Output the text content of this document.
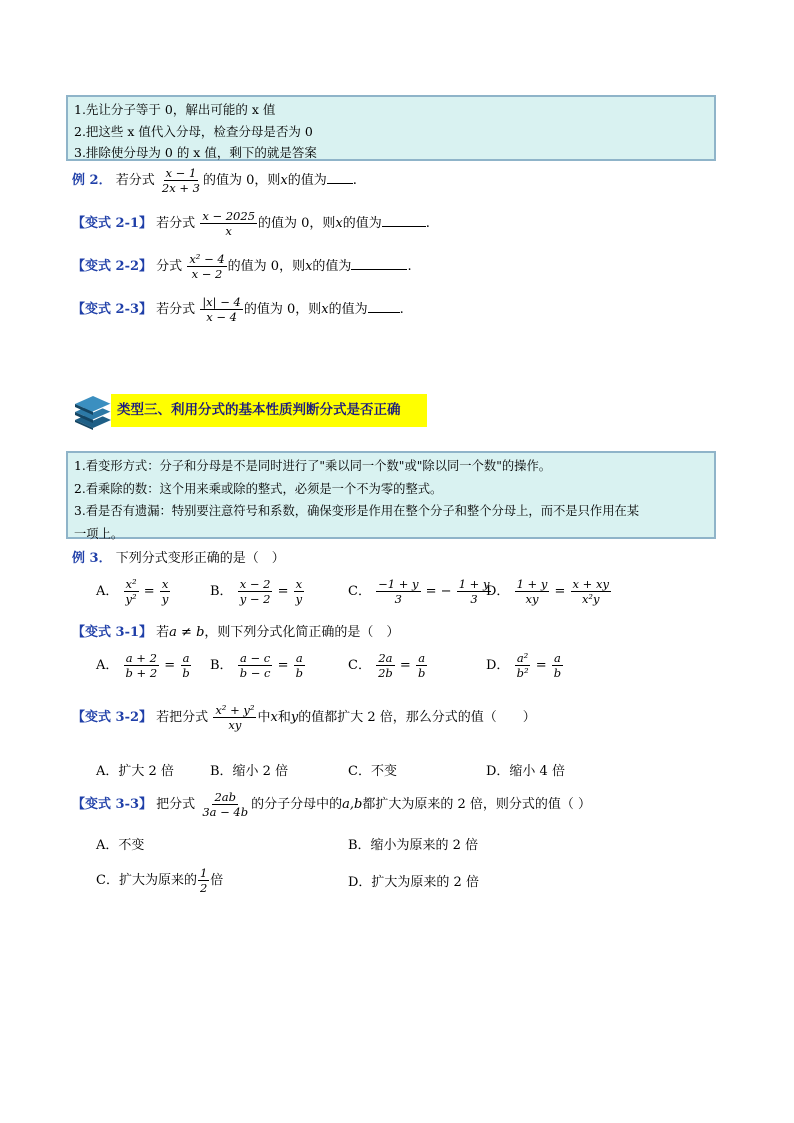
1.先让分子等于 0，解出可能的 x 值
2.把这些 x 值代入分母，检查分母是否为 0
3.排除使分母为 0 的 x 值，剩下的就是答案
例 2． 若分式 $\frac{x - 1}{2x + 3}$ 的值为 0，则x的值为 .
【变式 2-1】 若分式 $\frac{x - 2025}{x}$ 的值为 0，则x的值为	.
【变式 2-2】 分式 $\frac{\text{x² − 4}}{x - 2}$ 的值为 0，则x的值为	.
【变式 2-3】 若分式 $\frac{|x| - 4}{x - 4}$ 的值为 0，则x的值为 .
类型三、利用分式的基本性质判断分式是否正确
1.看变形方式：分子和分母是不是同时进行了"乘以同一个数"或"除以同一个数"的操作。
2.看乘除的数：这个用来乘或除的整式，必须是一个不为零的整式。
3.看是否有遗漏：特别要注意符号和系数，确保变形是作用在整个分子和整个分母上，而不是只作用在某
一项上。
例 3． 下列分式变形正确的是（　）
A． $\frac{\text{x²}}{\text{y²}} = \frac{x}{y}$	B． $\frac{x - 2}{y - 2} = \frac{x}{y}$	C． $\frac{-1 + y}{3}$ = − $\frac{1 + y}{3}$
D． $\frac{1 + y}{xy} = \frac{x + xy}{\text{x²y}}$
【变式 3-1】 若a ≠ b，则下列分式化简正确的是（　）
A． $\frac{a + 2}{b + 2} = \frac{a}{b}$ B． $\frac{a - c}{b - c} = \frac{a}{b}$	C． $\frac{2a}{2b} = \frac{a}{b}$	D． $\frac{\text{a²}}{\text{b²}} = \frac{a}{b}$
【变式 3-2】 若把分式 $\frac{\text{x² + y²}}{xy}$ 中x和y的值都扩大 2 倍，那么分式的值（　　）
A．扩大 2 倍	B．缩小 2 倍	C．不变	D．缩小 4 倍
【变式 3-3】 把分式 $\frac{2ab}{3a - 4b}$ 的分子分母中的a,b都扩大为原来的 2 倍，则分式的值（ ）
A．不变	B．缩小为原来的 2 倍
C．扩大为原来的 $\frac{1}{2}$ 倍	D．扩大为原来的 2 倍
